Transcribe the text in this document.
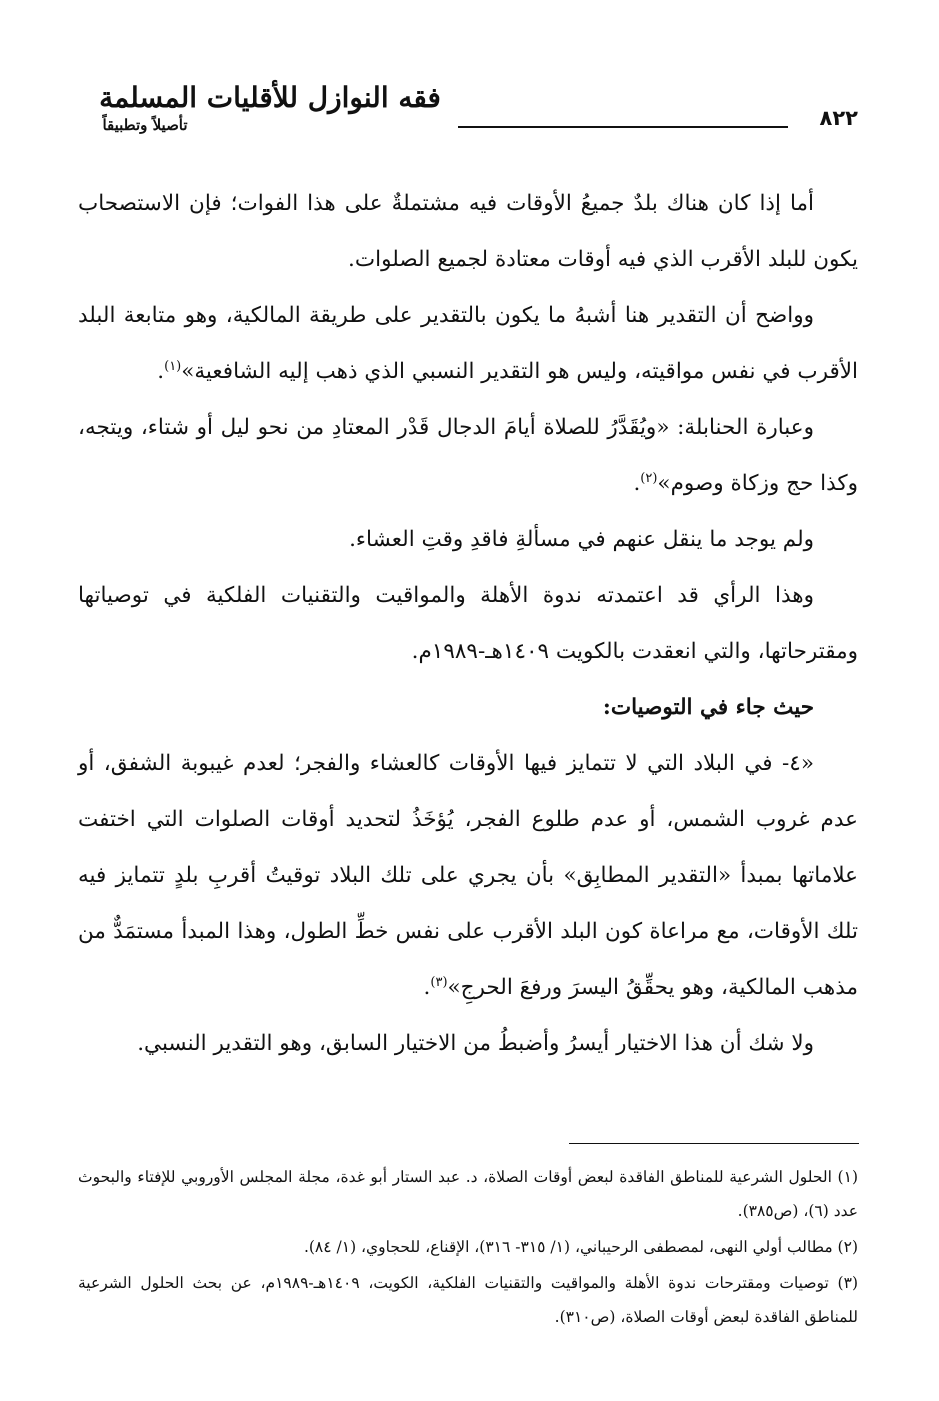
٨٢٢
فقه النوازل للأقليات المسلمة
تأصيلاً وتطبيقاً

أما إذا كان هناك بلدٌ جميعُ الأوقات فيه مشتملةٌ على هذا الفوات؛ فإن الاستصحاب يكون للبلد الأقرب الذي فيه أوقات معتادة لجميع الصلوات.

وواضح أن التقدير هنا أشبهُ ما يكون بالتقدير على طريقة المالكية، وهو متابعة البلد الأقرب في نفس مواقيته، وليس هو التقدير النسبي الذي ذهب إليه الشافعية»$^{(١)}$.

وعبارة الحنابلة: «ويُقَدَّرُ للصلاة أيامَ الدجال قَدْر المعتادِ من نحو ليل أو شتاء، ويتجه، وكذا حج وزكاة وصوم»$^{(٢)}$.

ولم يوجد ما ينقل عنهم في مسألةِ فاقدِ وقتِ العشاء.

وهذا الرأي قد اعتمدته ندوة الأهلة والمواقيت والتقنيات الفلكية في توصياتها ومقترحاتها، والتي انعقدت بالكويت ١٤٠٩هـ-١٩٨٩م.

حيث جاء في التوصيات:

«٤- في البلاد التي لا تتمايز فيها الأوقات كالعشاء والفجر؛ لعدم غيبوبة الشفق، أو عدم غروب الشمس، أو عدم طلوع الفجر، يُؤخَذُ لتحديد أوقات الصلوات التي اختفت علاماتها بمبدأ «التقدير المطابِق» بأن يجري على تلك البلاد توقيتُ أقربِ بلدٍ تتمايز فيه تلك الأوقات، مع مراعاة كون البلد الأقرب على نفس خطِّ الطول، وهذا المبدأ مستمَدٌّ من مذهب المالكية، وهو يحقِّقُ اليسرَ ورفعَ الحرجِ»$^{(٣)}$.

ولا شك أن هذا الاختيار أيسرُ وأضبطُ من الاختيار السابق، وهو التقدير النسبي.

(١) الحلول الشرعية للمناطق الفاقدة لبعض أوقات الصلاة، د. عبد الستار أبو غدة، مجلة المجلس الأوروبي للإفتاء والبحوث عدد (٦)، (ص٣٨٥).

(٢) مطالب أولي النهى، لمصطفى الرحيباني، (١/ ٣١٥- ٣١٦)، الإقناع، للحجاوي، (١/ ٨٤).

(٣) توصيات ومقترحات ندوة الأهلة والمواقيت والتقنيات الفلكية، الكويت، ١٤٠٩هـ-١٩٨٩م، عن بحث الحلول الشرعية للمناطق الفاقدة لبعض أوقات الصلاة، (ص٣١٠).
